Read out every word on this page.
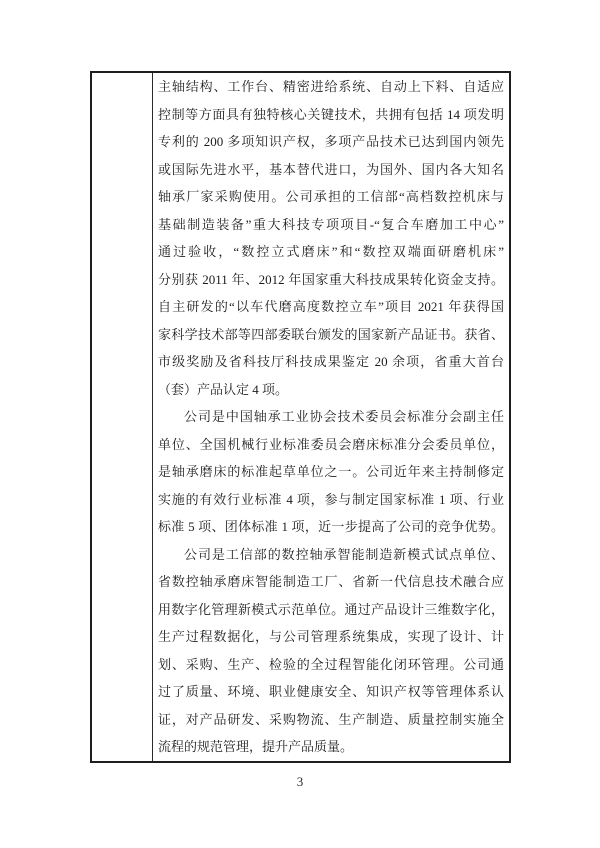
主轴结构、工作台、精密进给系统、自动上下料、自适应
控制等方面具有独特核心关键技术，共拥有包括 14 项发明
专利的 200 多项知识产权，多项产品技术已达到国内领先
或国际先进水平，基本替代进口，为国外、国内各大知名
轴承厂家采购使用。公司承担的工信部“高档数控机床与
基础制造装备”重大科技专项项目-“复合车磨加工中心”
通过验收，“数控立式磨床”和“数控双端面研磨机床”
分别获 2011 年、2012 年国家重大科技成果转化资金支持。
自主研发的“以车代磨高度数控立车”项目 2021 年获得国
家科学技术部等四部委联台颁发的国家新产品证书。获省、
市级奖励及省科技厅科技成果鉴定 20 余项，省重大首台
（套）产品认定 4 项。
公司是中国轴承工业协会技术委员会标准分会副主任
单位、全国机械行业标准委员会磨床标准分会委员单位，
是轴承磨床的标准起草单位之一。公司近年来主持制修定
实施的有效行业标准 4 项，参与制定国家标准 1 项、行业
标准 5 项、团体标准 1 项，近一步提高了公司的竞争优势。
公司是工信部的数控轴承智能制造新模式试点单位、
省数控轴承磨床智能制造工厂、省新一代信息技术融合应
用数字化管理新模式示范单位。通过产品设计三维数字化，
生产过程数据化，与公司管理系统集成，实现了设计、计
划、采购、生产、检验的全过程智能化闭环管理。公司通
过了质量、环境、职业健康安全、知识产权等管理体系认
证，对产品研发、采购物流、生产制造、质量控制实施全
流程的规范管理，提升产品质量。
3
